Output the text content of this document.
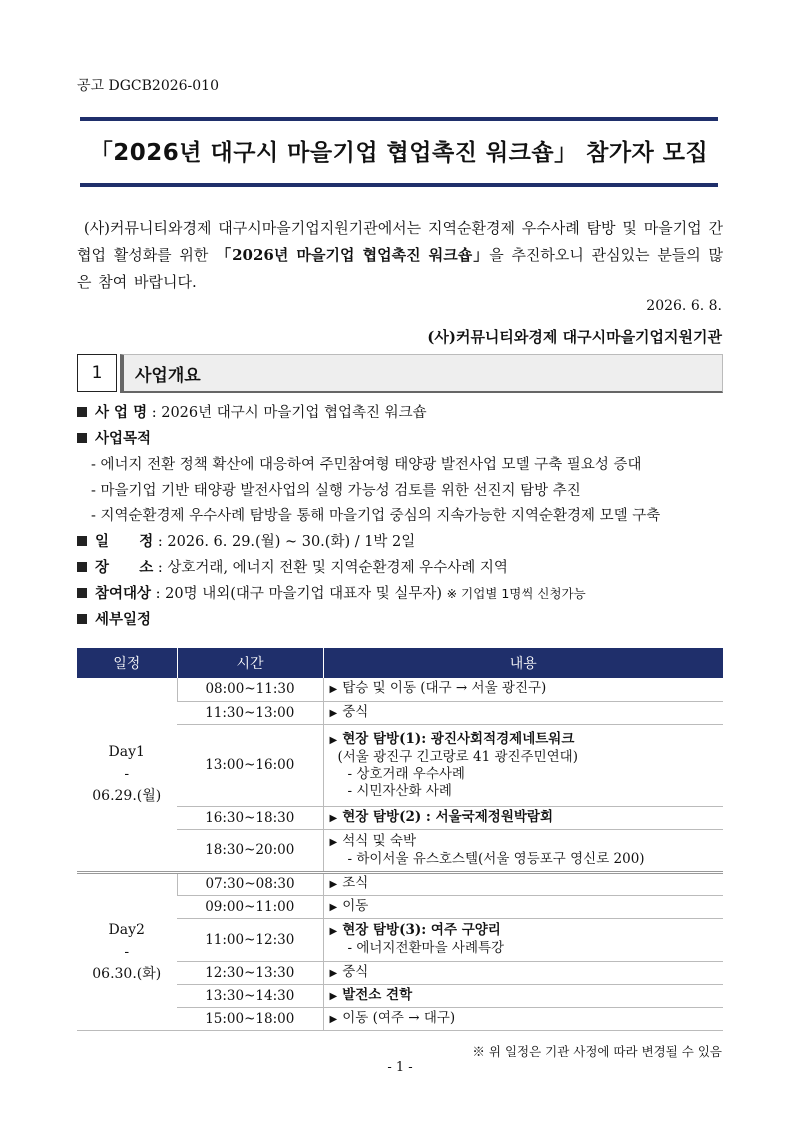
공고 DGCB2026-010
「2026년 대구시 마을기업 협업촉진 워크숍」 참가자 모집
(사)커뮤니티와경제 대구시마을기업지원기관에서는 지역순환경제 우수사례 탐방 및 마을기업 간 협업 활성화를 위한 「2026년 마을기업 협업촉진 워크숍」을 추진하오니 관심있는 분들의 많은 참여 바랍니다.
2026. 6. 8.
(사)커뮤니티와경제 대구시마을기업지원기관
1	사업개요
사 업 명 : 2026년 대구시 마을기업 협업촉진 워크숍
사업목적
- 에너지 전환 정책 확산에 대응하여 주민참여형 태양광 발전사업 모델 구축 필요성 증대
- 마을기업 기반 태양광 발전사업의 실행 가능성 검토를 위한 선진지 탐방 추진
- 지역순환경제 우수사례 탐방을 통해 마을기업 중심의 지속가능한 지역순환경제 모델 구축
일      정 : 2026. 6. 29.(월) ~ 30.(화) / 1박 2일
장      소 : 상호거래, 에너지 전환 및 지역순환경제 우수사례 지역
참여대상 : 20명 내외(대구 마을기업 대표자 및 실무자) ※ 기업별 1명씩 신청가능
세부일정
일정	시간	내용

Day1
-
06.29.(월)	08:00~11:30	▶ 탑승 및 이동 (대구 → 서울 광진구)
	11:30~13:00	▶ 중식
	13:00~16:00	▶ 현장 탐방(1): 광진사회적경제네트워크
(서울 광진구 긴고랑로 41 광진주민연대)
- 상호거래 우수사례
- 시민자산화 사례

	16:30~18:30	▶ 현장 탐방(2) : 서울국제정원박람회
	18:30~20:00	▶ 석식 및 숙박
- 하이서울 유스호스텔(서울 영등포구 영신로 200)

Day2
-
06.30.(화)	07:30~08:30	▶ 조식
	09:00~11:00	▶ 이동
	11:00~12:30	▶ 현장 탐방(3): 여주 구양리
- 에너지전환마을 사례특강

	12:30~13:30	▶ 중식
	13:30~14:30	▶ 발전소 견학
	15:00~18:00	▶ 이동 (여주 → 대구)
※ 위 일정은 기관 사정에 따라 변경될 수 있음
- 1 -
